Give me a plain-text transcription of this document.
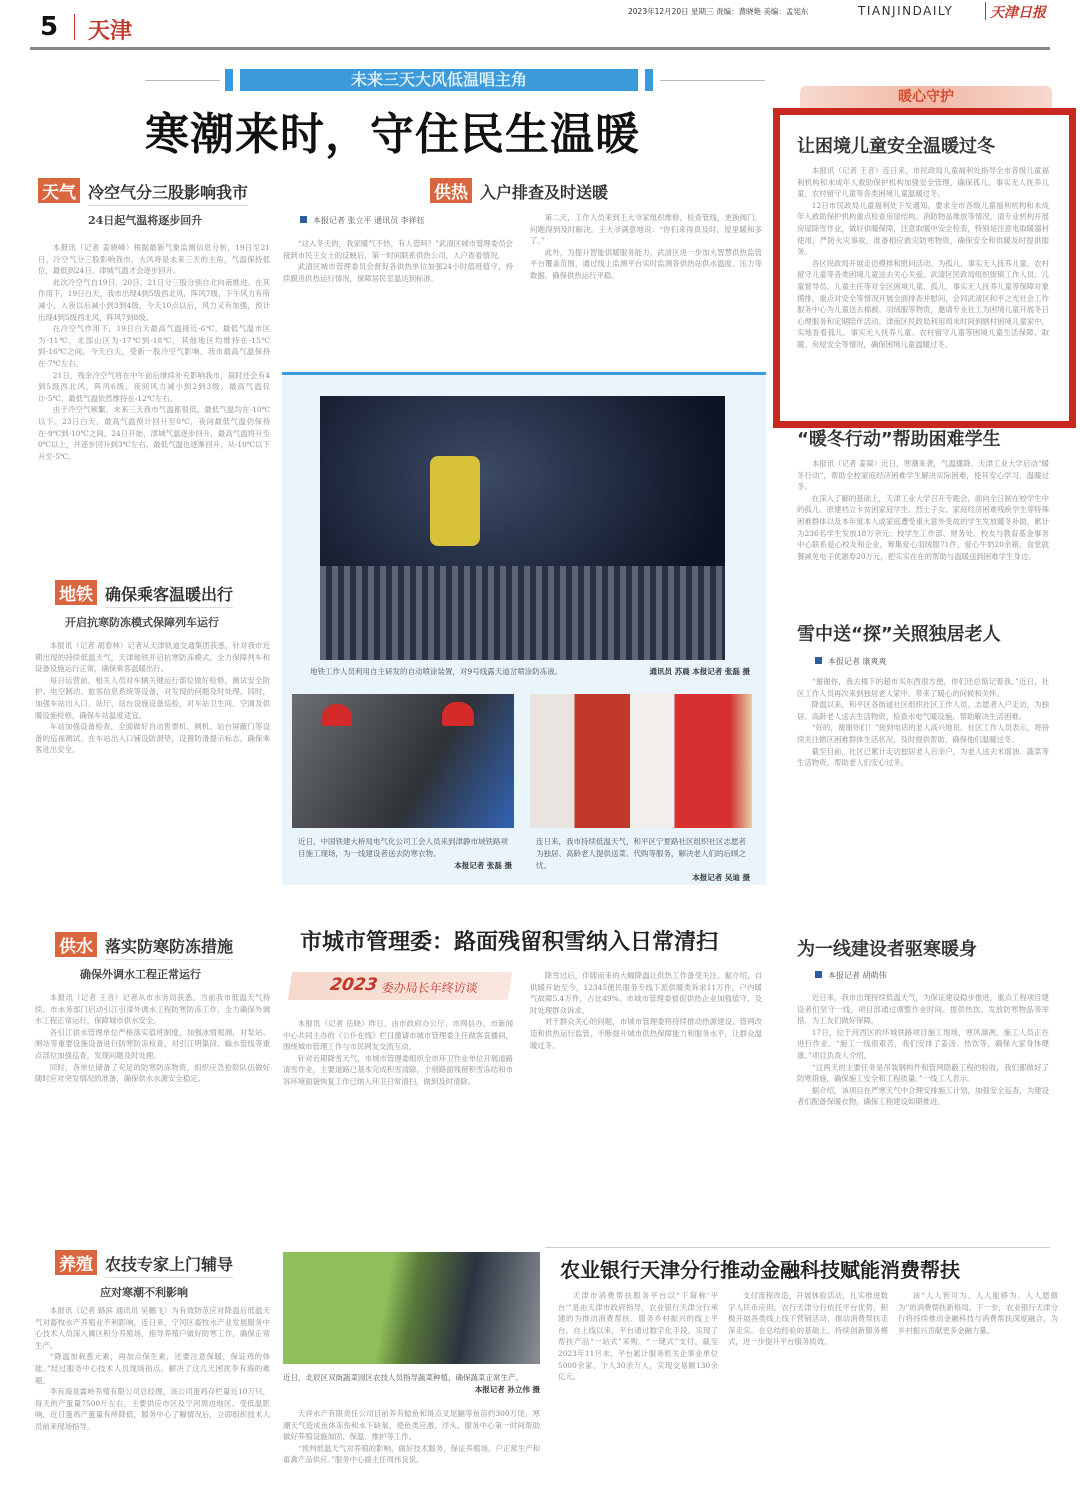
5 天津
2023年12月20日 星期三 责编：黄晓艳 美编：孟宪东	TIANJINDAILY	天津日报
未来三天大风低温唱主角
寒潮来时，守住民生温暖
天气 冷空气分三股影响我市
24日起气温将逐步回升

本报讯（记者 姜晓峰）根据最新气象监测信息分析，19日至21日，冷空气分三股影响我市。大风将是未来三天的主角，气温保持低位，最低到24日，津城气温才会逐步回升。

此次冷空气自19日、20日、21日分三股分别自北向南推进。在其作用下，19日白天，我市出现4到5级西北风，阵风7级，下午风力有所减小，入夜以后减小到3到4级，今天10点以后，风力又有加强，预计出现4到5级西北风，阵风7到8级。

在冷空气作用下，19日白天最高气温接近-6℃，最低气温市区为-11℃，北部山区为-17℃到-18℃，其他地区均维持在-15℃到-16℃之间。今天白天，受新一股冷空气影响，我市最高气温保持在-7℃左右。

21日，残余冷空气将在中午前后继续补充影响我市，届时还会有4到5级西北风，阵风6级。夜间风力减小到2到3级，最高气温仅计-5℃，最低气温依然维持在-12℃左右。

由于冷空气频繁，未来三天我市气温都很低。最低气温均在-10℃以下。23日白天，最高气温预计回升至0℃，夜间最低气温仍保持在-9℃到-10℃之间，24日开始，津城气温逐步回升，最高气温将升至0℃以上，并逐步回升到3℃左右，最低气温也逐渐回升，从-10℃以下升至-5℃。

地铁 确保乘客温暖出行
开启抗寒防冻模式保障列车运行

本报讯（记者 胡春林）记者从天津轨道交通集团获悉，针对我市近期出现的持续低温天气，天津地铁开启抗寒防冻模式，全力保障列车和设备设施运行正常，确保乘客温暖出行。

每日运营前，相关人员对车辆关键运行部位做好检修，测试安全防护、电空制动、旅客信息系统等设备，对发现的问题及时处理。同时，加强车站出入口、站厅、站台设施设备巡检，对车站卫生间、空调及供暖设施检修，确保车站温度适宜。

车站加强设备检查，全面做好自动售票机、闸机、站台屏蔽门等设备的巡视测试。在车站出入口铺设防滑垫，设置防滑提示标志，确保乘客进出安全。

供水 落实防寒防冻措施
确保外调水工程正常运行

本报讯（记者 王音）记者从市水务局获悉，当前我市低温天气持续，市水务部门启动引江引滦外调水工程防寒防冻工作，全力确保外调水工程正常运行，保障城市供水安全。

各引江供水管理单位严格落实值班制度，加强冰情观测，对泵站、闸站等重要设施设备进行防寒防冻检查，对引江明渠段、输水管线等重点部位加强巡查，发现问题及时处理。

同时，各单位储备了充足的防寒防冻物资，组织应急抢险队伍做好随时应对突发情况的准备，确保供水水源安全稳定。

养殖 农技专家上门辅导
应对寒潮不利影响

本报讯（记者 路滨 通讯员 吴鹏飞）为有效防范应对降温后低温天气对畜牧水产养殖业不利影响，连日来，宁河区畜牧水产业发展服务中心技术人员深入属区积分养殖场，指导养殖户做好防寒工作，确保正常生产。

“降温加栽葱元素，再加点保生素，还要注意保暖，保证鸡的体能。”经过服务中心技术人员现场指点，解决了这几天困扰李有海的难题。

李有海是霖岭养殖有限公司总经理，该公司蛋鸡存栏量近10万只，每天的产蛋量7500斤左右，主要供应市区及宁河周边地区。受低温影响，近日蛋鸡产蛋量有所降低，服务中心了解情况后，立即组织技术人员前来现场指导。

近日，北辰区双街蔬菜园区农技人员指导蔬菜种植，确保蔬菜正常生产。
本报记者 孙立伟 摄

天祥水产有限责任公司目前养有鲶鱼和斑点叉尾鮰等鱼苗约300万尾，寒潮天气造成鱼体冻伤和水下缺氧，使鱼类应激、浮头，服务中心第一时间帮助做好养殖设施加固、保温、维护等工作。

“预判低温天气对养殖的影响，做好技术服务，保证养殖场、户正常生产和畜禽产品供应。”服务中心副主任周伟良说。

供热 入户排查及时送暖
本报记者 张立平 通讯员 李祥钰

“这入冬天的，我家暖气不热，有人管吗？”武清区城市管理委员会接到市民王女士的反映后，第一时间联系供热公司，入户查看情况。

武清区城市管理委员会督促各供热单位加强24小时值班值守，持续跟进供热运行情况，保障居民室温达到标准。

第二天，工作人员来到王大爷家组织维修，检查管线，更换阀门，问题得到及时解决。王大爷满意地说：“你们来得真及时，屋里暖和多了。”

此外，为提升智能供暖服务能力，武清区进一步加大智慧供热监管平台覆盖范围，通过线上监测平台实时监测各供热站供水温度、压力等数据，确保供热运行平稳。

地铁工作人员利用自主研发的自动喷涂装置，对9号线露天道岔喷涂防冻液。	通讯员 苏晨 本报记者 张磊 摄
近日，中国铁建大桥局电气化公司工会人员来到津静市域铁路项目施工现场，为一线建设者送去防寒衣物。

本报记者 张磊 摄
连日来，我市持续低温天气，和平区宁夏路社区组织社区志愿者为独居、高龄老人提供送菜、代购等服务，解决老人们的后顾之忧。

本报记者 吴迪 摄
市城市管理委：路面残留积雪纳入日常清扫
2023 委办局长年终访谈

本报讯（记者 岳晓）昨日，由市政府办公厅、市网信办、市新闻中心共同主办的《公仆在线》栏目邀请市城市管理委主任做客直播间，围绕城市管理工作与市民网友交流互动。

针对近期降雪天气，市城市管理委组织全市环卫作业单位开展道路清雪作业，主要道路已基本完成积雪清除，个别路面残留积雪冻结和市容环境面貌恢复工作已纳入环卫日常清扫，做到及时清除。

降雪过后，伴随而来的大幅降温让供热工作备受关注。据介绍，自供暖开始至今，12345便民服务专线下派供暖类诉求11万件，户内暖气故障5.4万件，占比49%。市城市管理委督促供热企业加强值守，及时处理群众诉求。

对于群众关心的问题，市城市管理委将持续推动热源建设、管网改造和供热运行监管，不断提升城市供热保障能力和服务水平，让群众温暖过冬。

暖心守护
让困境儿童安全温暖过冬

本报讯（记者 王音）连日来，市民政局儿童福利处指导全市各级儿童福利机构和未成年人救助保护机构加强安全管理，确保孤儿、事实无人抚养儿童、农村留守儿童等各类困境儿童温暖过冬。

12日市民政局儿童福利处下发通知，要求全市各级儿童福利机构和未成年人救助保护机构重点检查房屋结构、消防物品堆放等情况，请专业机构开展房屋除雪作业，做好供暖保障，注意取暖中安全检查，特别是注意电取暖器材使用，严防火灾事故，准备相应救灾防寒物资，确保安全和供暖及时提供服务。

各区民政局开展走访摸排和慰问活动。为孤儿、事实无人抚养儿童、农村留守儿童等各类困境儿童送去关心关爱。武清区民政局组织街镇工作人员、儿童督导员、儿童主任等对全区困境儿童、孤儿、事实无人抚养儿童等保障对象摸排，重点对安全等情况开展全面排查并慰问，会同武清区和平之光社会工作服务中心为儿童送去棉被、羽绒服等物资，邀请专业社工为困境儿童开展冬日心理服务和定期陪伴活动。津南区民政局利用周末时间到辖村困境儿童家中，实地查看孤儿、事实无人抚养儿童、农村留守儿童等困境儿童生活保障、取暖、房屋安全等情况，确保困境儿童温暖过冬。

“暖冬行动”帮助困难学生

本报讯（记者 姜凝）近日，寒潮来袭，气温骤降，天津工业大学启动“暖冬行动”，帮助全校家庭经济困难学生解决实际困难，使其安心学习、温暖过冬。

在深入了解的基础上，天津工业大学召开专题会，面向全日制在校学生中的孤儿、原建档立卡贫困家庭学生、烈士子女、家庭经济困难残疾学生等特殊困难群体以及本年度本人或家庭遭受重大意外变故的学生发放暖冬补助，累计为236名学生发放18万余元；校学生工作部、财务处、校友与教育基金事务中心联系爱心校友和企业，筹集爱心羽绒服71件、爱心牛奶20余箱，食堂就餐减免电子优惠券20万元，把实实在在的帮助与温暖送到困难学生身边。

雪中送“探”关照独居老人
本报记者 康爽爽

“谢谢你，我去楼下的超市买东西很方便，你们还总惦记着我。”近日，社区工作人员再次来到独居老人家中，带来了暖心的问候和关怀。

降温以来，和平区各街道社区组织社区工作人员、志愿者入户走访，为独居、高龄老人送去生活物资，检查水电气暖设施，帮助解决生活困难。

“好的，谢谢你们！”接到电话的老人高兴地说。社区工作人员表示，将持续关注辖区困难群体生活状况，及时提供帮助，确保他们温暖过冬。

截至目前，社区已累计走访独居老人百余户，为老人送去米面油、蔬菜等生活物资，帮助老人们安心过冬。

为一线建设者驱寒暖身
本报记者 胡萌伟

近日来，我市出现持续低温天气，为保证建设稳步推进，重点工程项目建设者们坚守一线。项目部通过调整作业时间、提供热饮、发放防寒物品等举措，为工友们做好保障。

17日，位于河西区的环城铁路项目施工现场，寒风凛冽，施工人员正在进行作业。“施工一线很艰苦，我们安排了姜汤、热饮等，确保大家身体健康。”项目负责人介绍。

“这两天的主要任务是吊装钢构件和管网隐蔽工程的验收，我们都做好了防寒措施，确保施工安全和工程质量。”一线工人表示。

据介绍，该项目在严寒天气中合理安排施工计划，加强安全巡查，为建设者们配备保暖衣物，确保工程建设如期推进。

农业银行天津分行推动金融科技赋能消费帮扶

天津市消费帮扶服务平台以“下简称‘平台’”是由天津市政府指导，农业银行天津分行承建的为推动消费帮扶、服务乡村振兴的线上平台。自上线以来，平台通过数字化手段，实现了帮扶产品“一站式”采购、“一键式”支付，截至2023年11月末，平台累计服务机关企事业单位5000余家、个人30余万人，实现交易额130余亿元。

支付流程改造，开展体验活动，扎实推进数字人民币应用。农行天津分行依托平台优势，积极开展各类线上线下营销活动，推动消费帮扶走深走实。在总结经验的基础上，持续创新服务模式，进一步提升平台服务质效。

该“人人皆可为、人人能够为、人人愿做为”的消费帮扶新格局。下一步，农业银行天津分行将持续推动金融科技与消费帮扶深度融合，为乡村振兴贡献更多金融力量。
